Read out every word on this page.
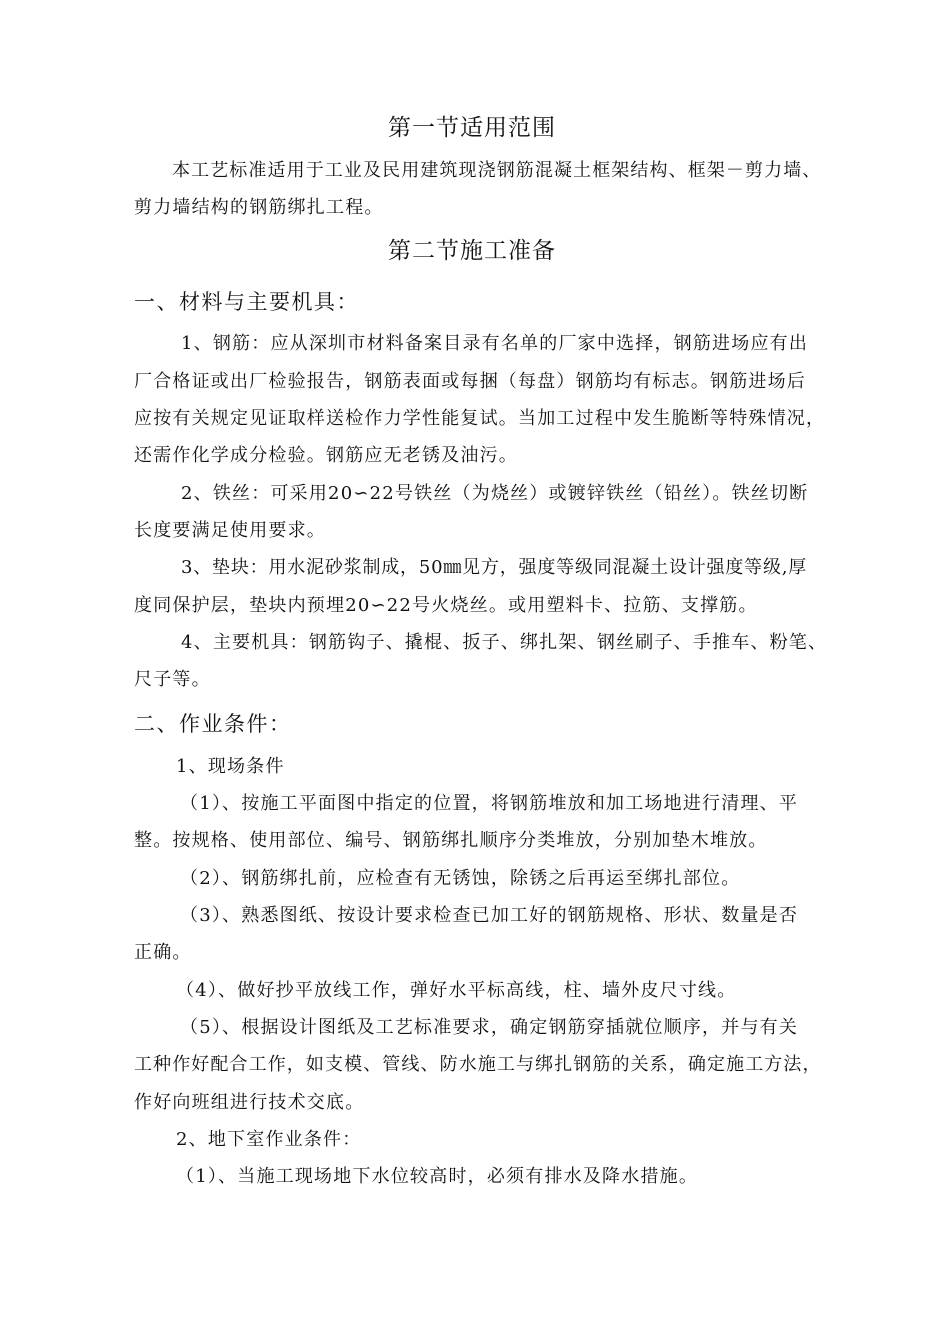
第一节适用范围
本工艺标准适用于工业及民用建筑现浇钢筋混凝土框架结构、框架－剪力墙、
剪力墙结构的钢筋绑扎工程。
第二节施工准备
一、材料与主要机具：
1、钢筋：应从深圳市材料备案目录有名单的厂家中选择，钢筋进场应有出
厂合格证或出厂检验报告，钢筋表面或每捆（每盘）钢筋均有标志。钢筋进场后
应按有关规定见证取样送检作力学性能复试。当加工过程中发生脆断等特殊情况，
还需作化学成分检验。钢筋应无老锈及油污。
2、铁丝：可采用20∽22号铁丝（为烧丝）或镀锌铁丝（铅丝）。铁丝切断
长度要满足使用要求。
3、垫块：用水泥砂浆制成，50㎜见方，强度等级同混凝土设计强度等级,厚
度同保护层，垫块内预埋20∽22号火烧丝。或用塑料卡、拉筋、支撑筋。
4、主要机具：钢筋钩子、撬棍、扳子、绑扎架、钢丝刷子、手推车、粉笔、
尺子等。
二、作业条件：
1、现场条件
（1）、按施工平面图中指定的位置，将钢筋堆放和加工场地进行清理、平
整。按规格、使用部位、编号、钢筋绑扎顺序分类堆放，分别加垫木堆放。
（2）、钢筋绑扎前，应检查有无锈蚀，除锈之后再运至绑扎部位。
（3）、熟悉图纸、按设计要求检查已加工好的钢筋规格、形状、数量是否
正确。
（4）、做好抄平放线工作，弹好水平标高线，柱、墙外皮尺寸线。
（5）、根据设计图纸及工艺标准要求，确定钢筋穿插就位顺序，并与有关
工种作好配合工作，如支模、管线、防水施工与绑扎钢筋的关系，确定施工方法，
作好向班组进行技术交底。
2、地下室作业条件：
（1）、当施工现场地下水位较高时，必须有排水及降水措施。
